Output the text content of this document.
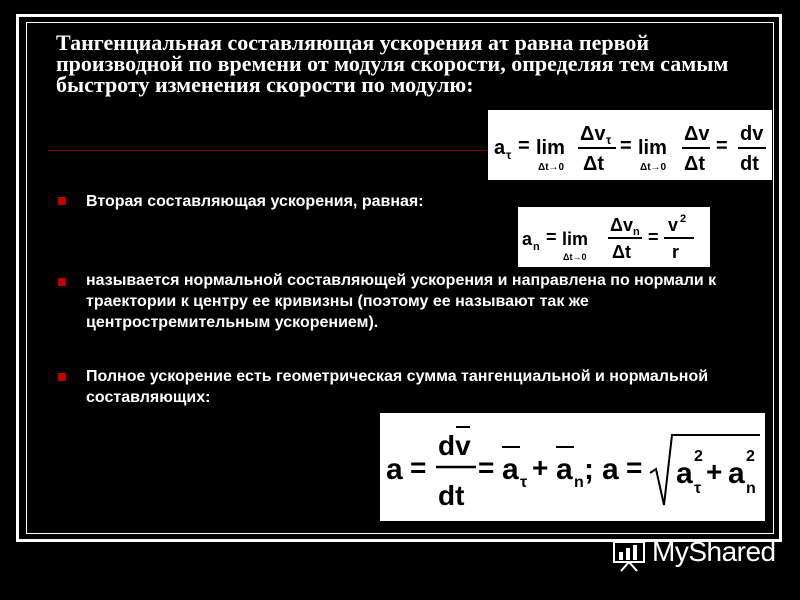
Тангенциальная составляющая ускорения aτ равна первой производной по времени от модуля скорости, определяя тем самым быстроту изменения скорости по модулю:

a τ = lim
Δt→0
Δv τ
Δt
= lim
Δt→0
Δv
Δt
=
dv
dt

Вторая составляющая ускорения, равная:

a n = lim
Δt→0
Δv n
Δt
=
v 2
r

называется нормальной составляющей ускорения и направлена по нормали к траектории к центру ее кривизны (поэтому ее называют так же центростремительным ускорением).

Полное ускорение есть геометрическая сумма тангенциальной и нормальной составляющих:

a =
dv
dt
= a τ + a n ; a = a
2
τ
+ a
2
n
MyShared
